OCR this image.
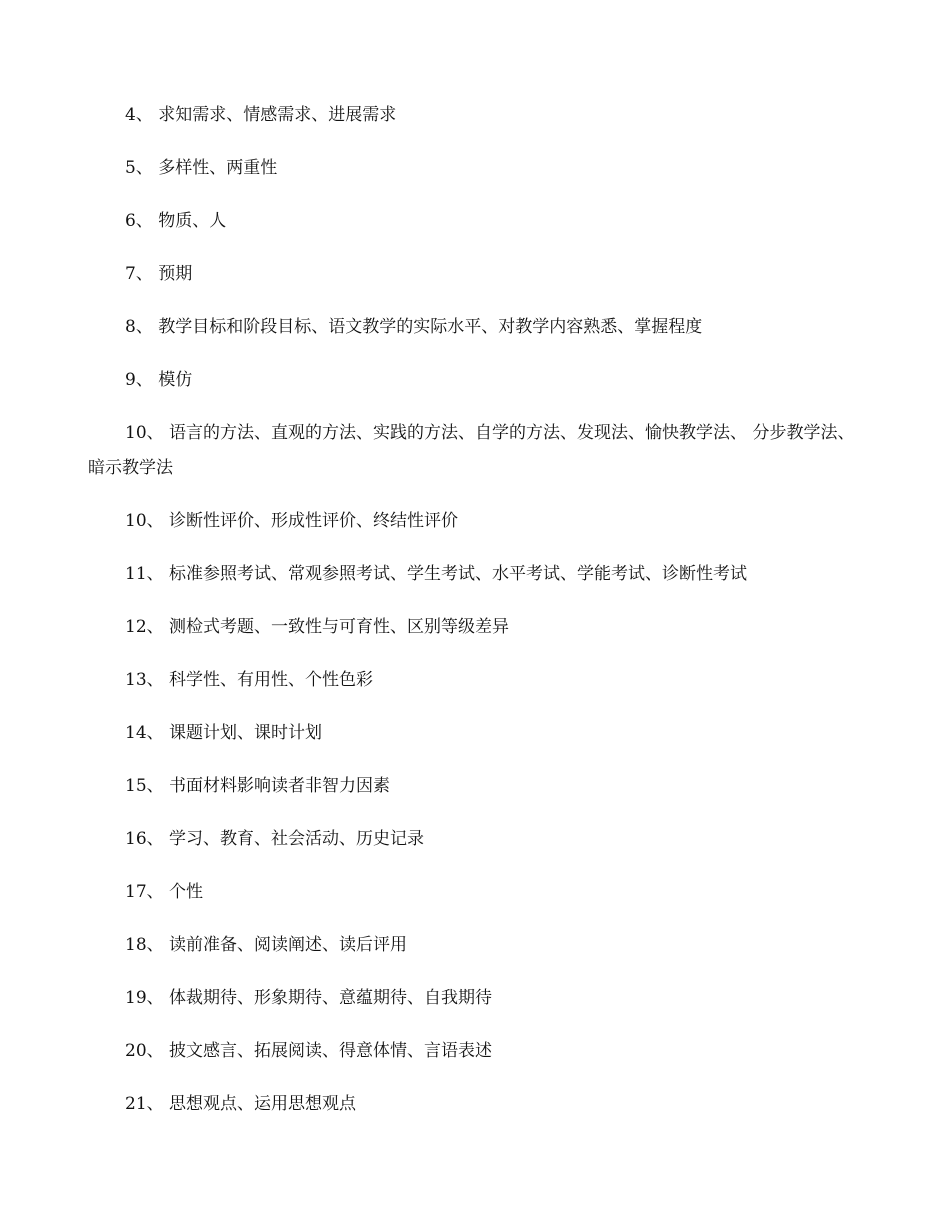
4、 求知需求、情感需求、进展需求

5、 多样性、两重性

6、 物质、人

7、 预期

8、 教学目标和阶段目标、语文教学的实际水平、对教学内容熟悉、掌握程度

9、 模仿

10、 语言的方法、直观的方法、实践的方法、自学的方法、发现法、愉快教学法、 分步教学法、暗示教学法

10、 诊断性评价、形成性评价、终结性评价

11、 标准参照考试、常观参照考试、学生考试、水平考试、学能考试、诊断性考试

12、 测检式考题、一致性与可育性、区别等级差异

13、 科学性、有用性、个性色彩

14、 课题计划、课时计划

15、 书面材料影响读者非智力因素

16、 学习、教育、社会活动、历史记录

17、 个性

18、 读前准备、阅读阐述、读后评用

19、 体裁期待、形象期待、意蕴期待、自我期待

20、 披文感言、拓展阅读、得意体情、言语表述

21、 思想观点、运用思想观点
